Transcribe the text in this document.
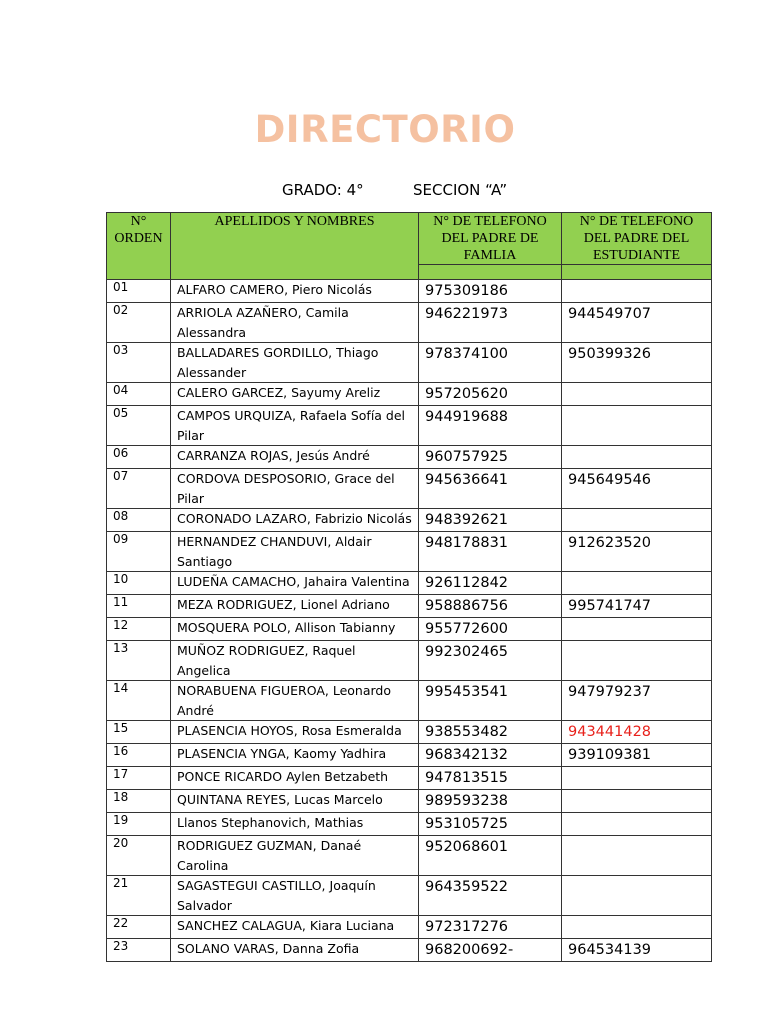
DIRECTORIO
GRADO: 4°	SECCION “A”
N° ORDEN	APELLIDOS Y NOMBRES	N° DE TELEFONO DEL PADRE DE FAMLIA	N° DE TELEFONO DEL PADRE DEL ESTUDIANTE

01	ALFARO CAMERO, Piero Nicolás	975309186	
02	ARRIOLA AZAÑERO, Camila Alessandra	946221973	944549707
03	BALLADARES GORDILLO, Thiago Alessander	978374100	950399326
04	CALERO GARCEZ, Sayumy Areliz	957205620	
05	CAMPOS URQUIZA, Rafaela Sofía del Pilar	944919688	
06	CARRANZA ROJAS, Jesús André	960757925	
07	CORDOVA DESPOSORIO, Grace del Pilar	945636641	945649546
08	CORONADO LAZARO, Fabrizio Nicolás	948392621	
09	HERNANDEZ CHANDUVI, Aldair Santiago	948178831	912623520
10	LUDEÑA CAMACHO, Jahaira Valentina	926112842	
11	MEZA RODRIGUEZ, Lionel Adriano	958886756	995741747
12	MOSQUERA POLO, Allison Tabianny	955772600	
13	MUÑOZ RODRIGUEZ, Raquel Angelica	992302465	
14	NORABUENA FIGUEROA, Leonardo André	995453541	947979237
15	PLASENCIA HOYOS, Rosa Esmeralda	938553482	943441428
16	PLASENCIA YNGA, Kaomy Yadhira	968342132	939109381
17	PONCE RICARDO Aylen Betzabeth	947813515	
18	QUINTANA REYES, Lucas Marcelo	989593238	
19	Llanos Stephanovich, Mathias	953105725	
20	RODRIGUEZ GUZMAN, Danaé Carolina	952068601	
21	SAGASTEGUI CASTILLO, Joaquín Salvador	964359522	
22	SANCHEZ CALAGUA, Kiara Luciana	972317276	
23	SOLANO VARAS, Danna Zofia	968200692-	964534139
